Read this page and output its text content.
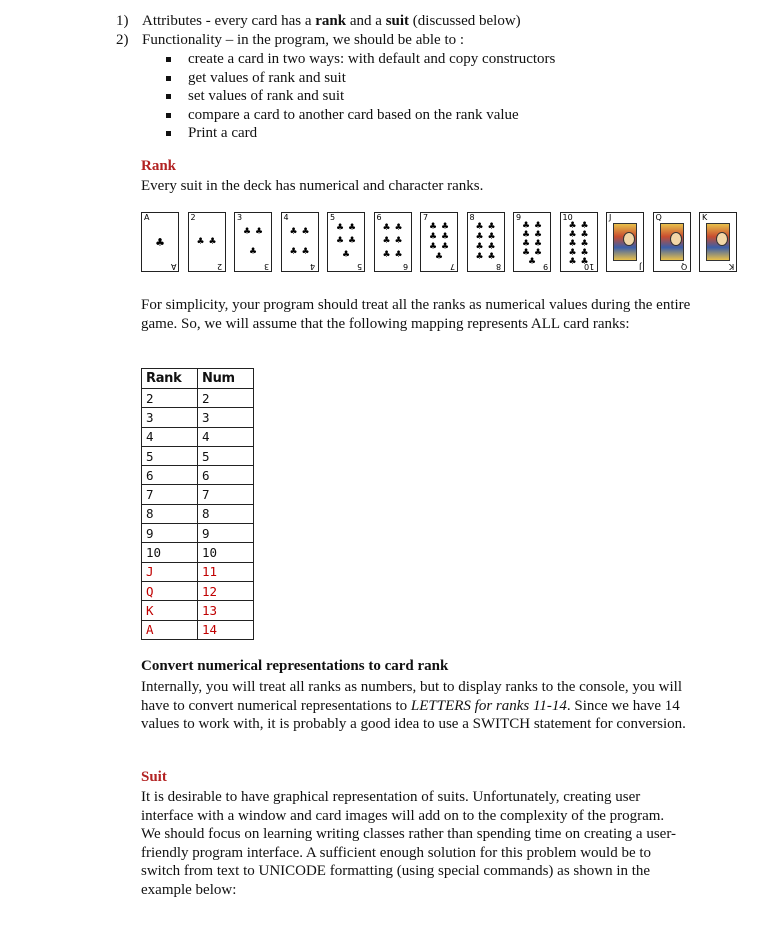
1) Attributes - every card has a rank and a suit (discussed below)
2) Functionality – in the program, we should be able to :
create a card in two ways: with default and copy constructors
get values of rank and suit
set values of rank and suit
compare a card to another card based on the rank value
Print a card
Rank
Every suit in the deck has numerical and character ranks.
A
A
♣
2
2
♣ ♣
3
3
♣ ♣
♣
4
4
♣ ♣
♣ ♣
5
5
♣ ♣
♣ ♣
♣
6
6
♣ ♣
♣ ♣
♣ ♣
7
7
♣ ♣
♣ ♣
♣ ♣
♣
8
8
♣ ♣
♣ ♣
♣ ♣
♣ ♣
9
9
♣ ♣
♣ ♣
♣ ♣
♣ ♣
♣
10
10
♣ ♣
♣ ♣
♣ ♣
♣ ♣
♣ ♣
J
J
Q
Q
K
K
For simplicity, your program should treat all the ranks as numerical values during the entire game. So, we will assume that the following mapping represents ALL card ranks:
Rank	Num
2	2
3	3
4	4
5	5
6	6
7	7
8	8
9	9
10	10
J	11
Q	12
K	13
A	14
Convert numerical representations to card rank
Internally, you will treat all ranks as numbers, but to display ranks to the console, you will have to convert numerical representations to LETTERS for ranks 11-14. Since we have 14 values to work with, it is probably a good idea to use a SWITCH statement for conversion.
Suit
It is desirable to have graphical representation of suits. Unfortunately, creating user interface with a window and card images will add on to the complexity of the program. We should focus on learning writing classes rather than spending time on creating a user-friendly program interface. A sufficient enough solution for this problem would be to switch from text to UNICODE formatting (using special commands) as shown in the example below:
